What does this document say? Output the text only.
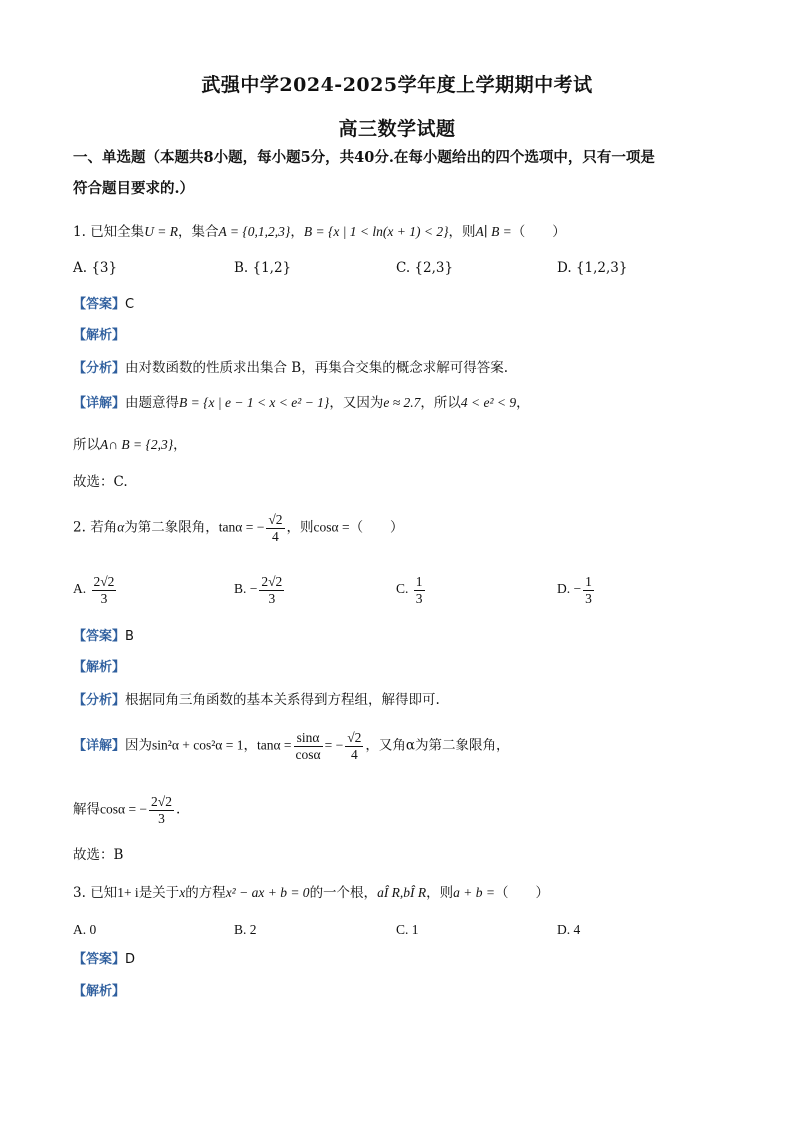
武强中学2024-2025学年度上学期期中考试
高三数学试题
一、单选题（本题共8小题，每小题5分，共40分.在每小题给出的四个选项中，只有一项是
符合题目要求的.）
1. 已知全集U = R，集合A = {0,1,2,3}，B = {x | 1 < ln(x + 1) < 2}，则A∣ B =（　　）
A. {3}	B. {1,2}	C. {2,3}	D. {1,2,3}
【答案】C
【解析】
【分析】由对数函数的性质求出集合 B，再集合交集的概念求解可得答案.
【详解】由题意得B = {x | e − 1 < x < e² − 1}，又因为e ≈ 2.7，所以4 < e² < 9，
所以A∩ B = {2,3}，
故选：C.
2. 若角α为第二象限角，tanα = − $\frac{√2}{4}$ ，则cosα =（　　）
A. $\frac{2√2}{3}$	B. − $\frac{2√2}{3}$	C. $\frac{1}{3}$	D. − $\frac{1}{3}$
【答案】B
【解析】
【分析】根据同角三角函数的基本关系得到方程组，解得即可.
【详解】因为sin²α + cos²α = 1，$\tan\alpha = \frac{\sin\alpha}{\cos\alpha}$ = − $\frac{√2}{4}$ ，又角α为第二象限角，
解得cosα = − $\frac{2√2}{3}$ .
故选：B
3. 已知1+ i是关于x的方程x² − ax + b = 0的一个根，aÎ R,bÎ R，则a + b =（　　）
A. 0	B. 2	C. 1	D. 4
【答案】D
【解析】
